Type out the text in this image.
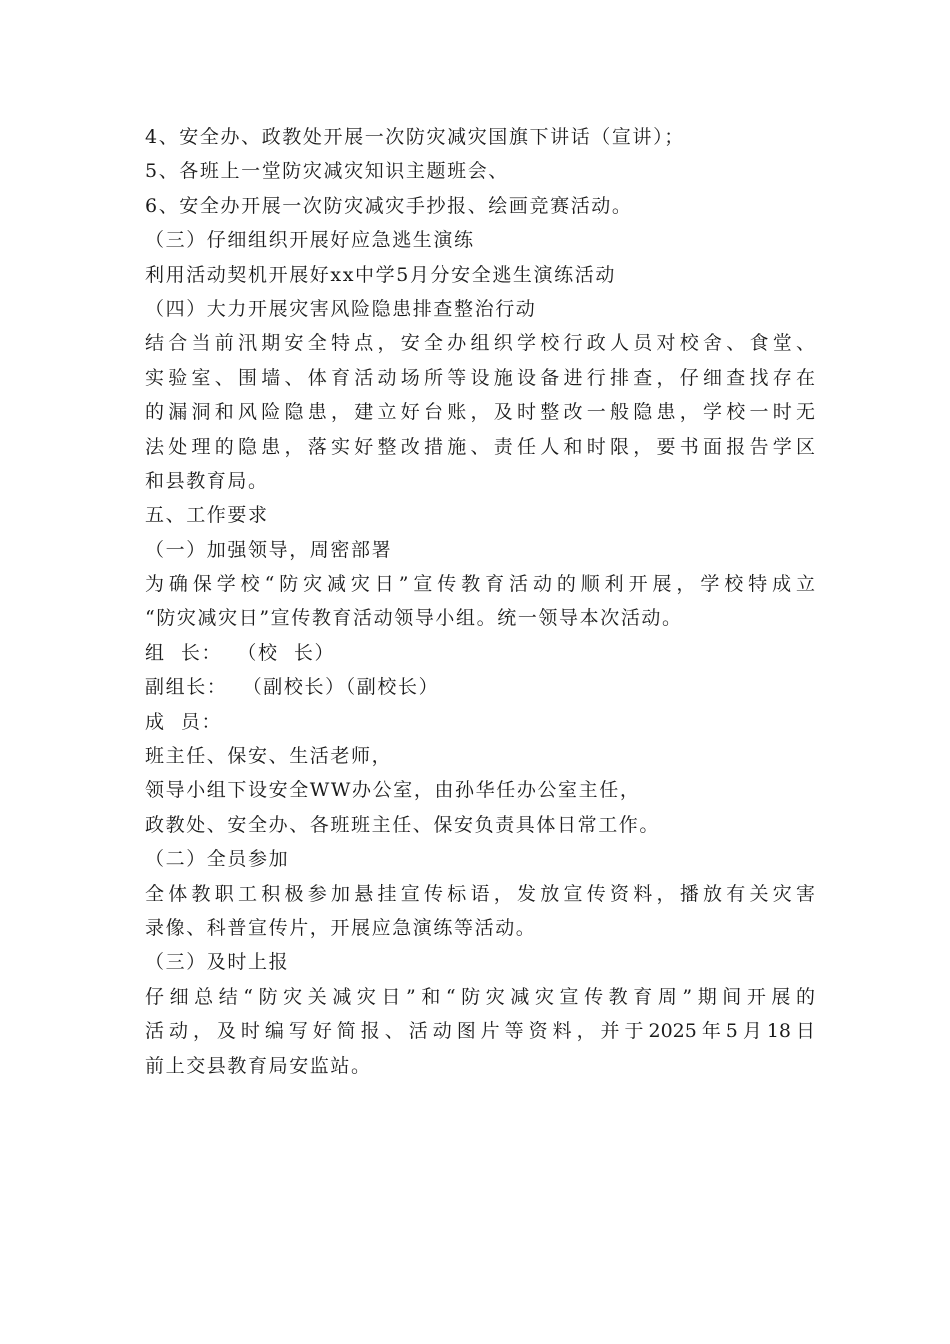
4、安全办、政教处开展一次防灾减灾国旗下讲话（宣讲）；
5、各班上一堂防灾减灾知识主题班会、
6、安全办开展一次防灾减灾手抄报、绘画竞赛活动。
（三）仔细组织开展好应急逃生演练
利用活动契机开展好xx中学5月分安全逃生演练活动
（四）大力开展灾害风险隐患排查整治行动
结合当前汛期安全特点，安全办组织学校行政人员对校舍、食堂、
实验室、围墙、体育活动场所等设施设备进行排查，仔细查找存在
的漏洞和风险隐患，建立好台账，及时整改一般隐患，学校一时无
法处理的隐患，落实好整改措施、责任人和时限，要书面报告学区
和县教育局。
五、工作要求
（一）加强领导，周密部署
为确保学校“防灾减灾日”宣传教育活动的顺利开展，学校特成立
“防灾减灾日”宣传教育活动领导小组。统一领导本次活动。
组  长：  （校  长）
副组长：  （副校长）（副校长）
成  员：
班主任、保安、生活老师，
领导小组下设安全WW办公室，由孙华任办公室主任，
政教处、安全办、各班班主任、保安负责具体日常工作。
（二）全员参加
全体教职工积极参加悬挂宣传标语，发放宣传资料，播放有关灾害
录像、科普宣传片，开展应急演练等活动。
（三）及时上报
仔细总结“防灾关减灾日”和“防灾减灾宣传教育周”期间开展的
活动，及时编写好简报、活动图片等资料，并于2025年5月18日
前上交县教育局安监站。
